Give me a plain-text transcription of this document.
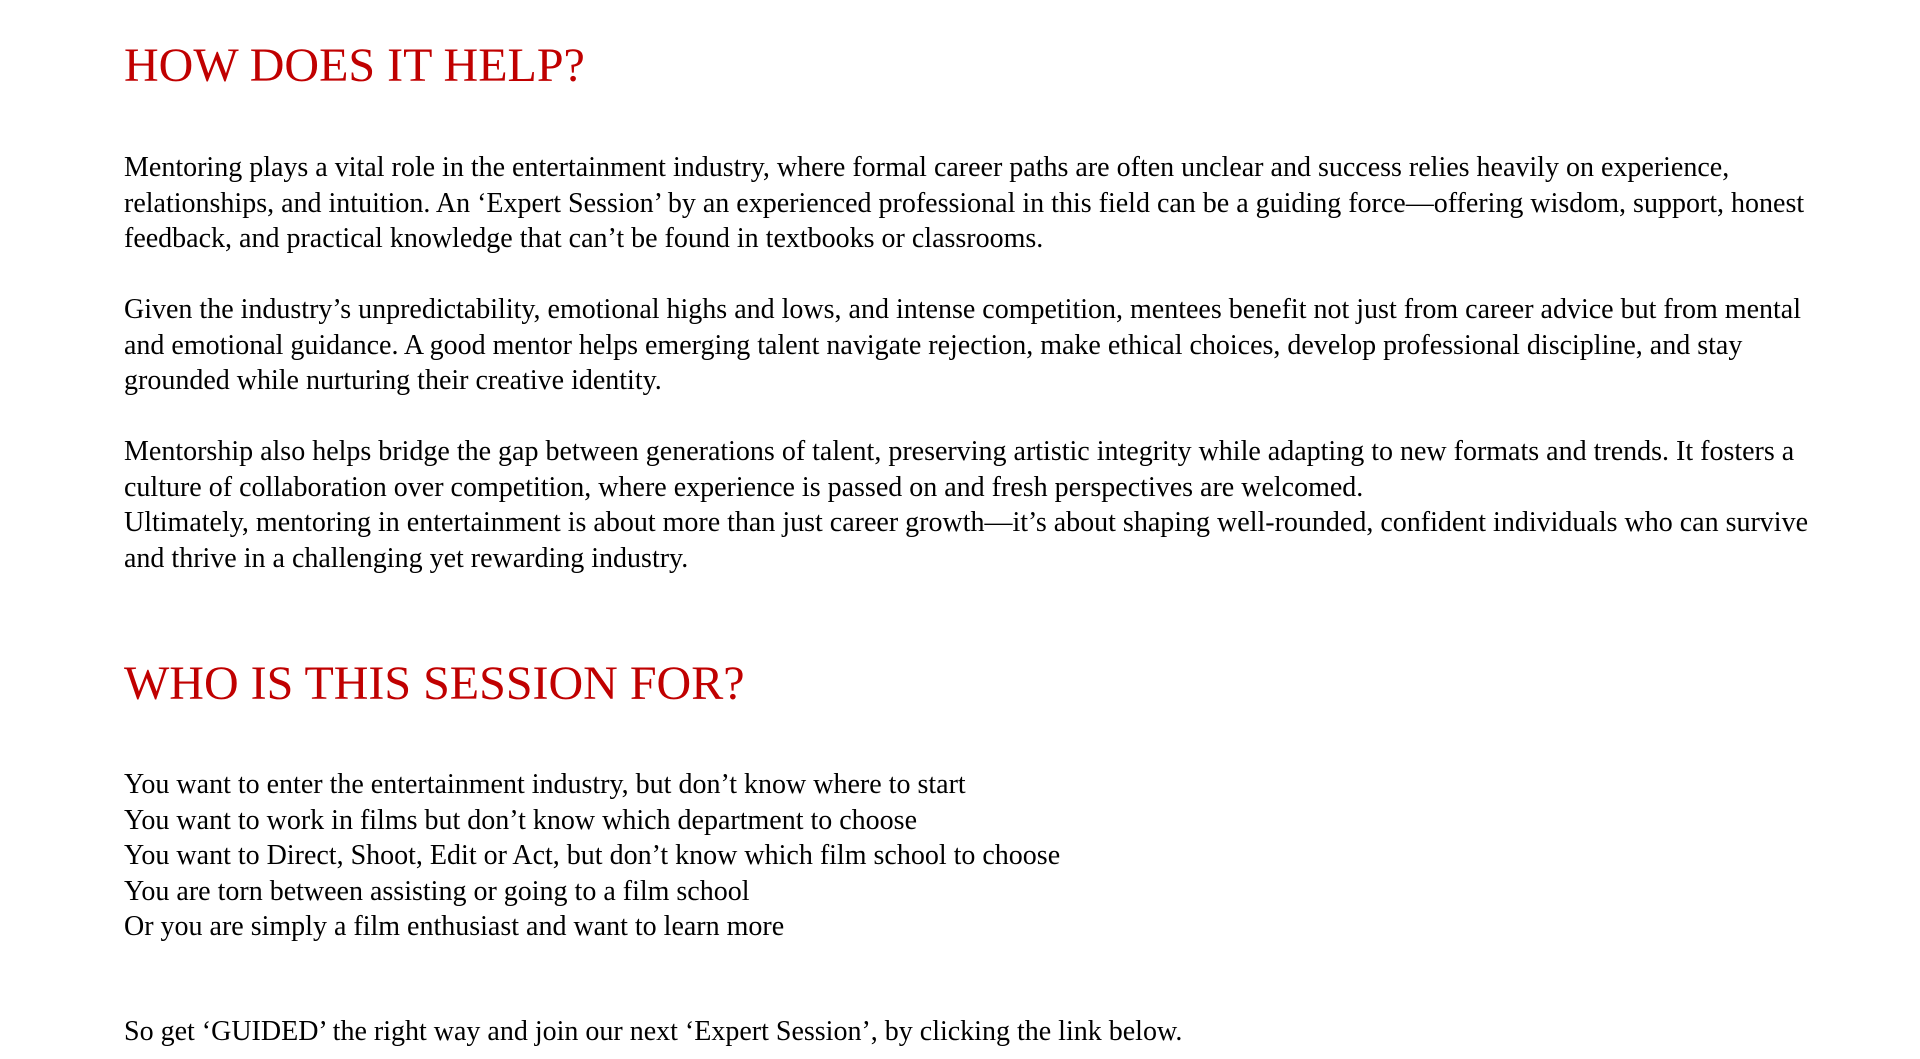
HOW DOES IT HELP?

Mentoring plays a vital role in the entertainment industry, where formal career paths are often unclear and success relies heavily on experience, relationships, and intuition. An ‘Expert Session’ by an experienced professional in this field can be a guiding force—offering wisdom, support, honest feedback, and practical knowledge that can’t be found in textbooks or classrooms.

Given the industry’s unpredictability, emotional highs and lows, and intense competition, mentees benefit not just from career advice but from mental and emotional guidance. A good mentor helps emerging talent navigate rejection, make ethical choices, develop professional discipline, and stay grounded while nurturing their creative identity.

Mentorship also helps bridge the gap between generations of talent, preserving artistic integrity while adapting to new formats and trends. It fosters a culture of collaboration over competition, where experience is passed on and fresh perspectives are welcomed.

Ultimately, mentoring in entertainment is about more than just career growth—it’s about shaping well-rounded, confident individuals who can survive and thrive in a challenging yet rewarding industry.

WHO IS THIS SESSION FOR?
You want to enter the entertainment industry, but don’t know where to start
You want to work in films but don’t know which department to choose
You want to Direct, Shoot, Edit or Act, but don’t know which film school to choose
You are torn between assisting or going to a film school
Or you are simply a film enthusiast and want to learn more

So get ‘GUIDED’ the right way and join our next ‘Expert Session’, by clicking the link below.
